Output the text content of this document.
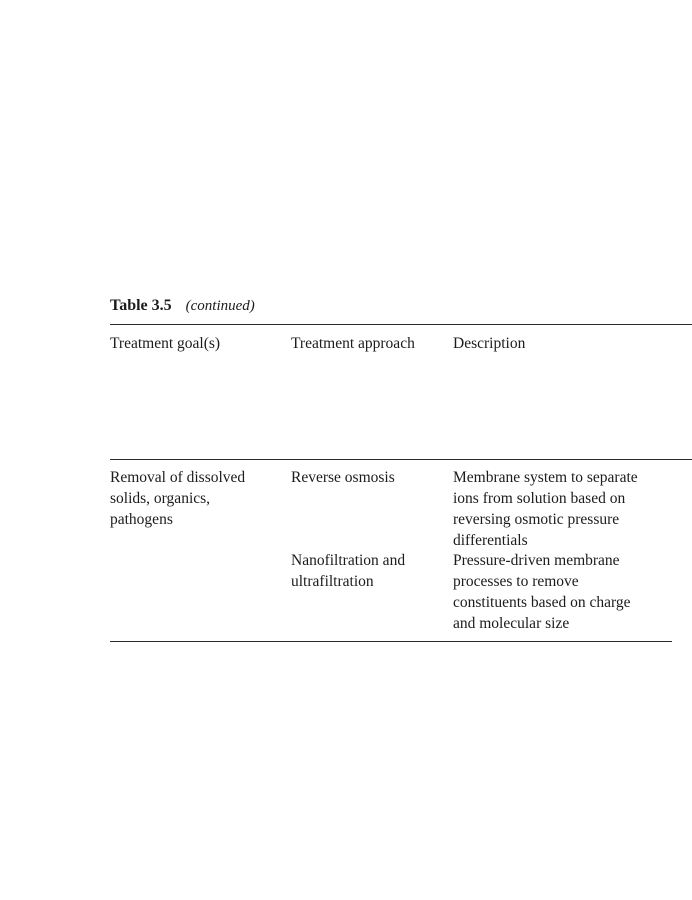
Table 3.5 (continued)
Treatment goal(s)	Treatment approach Description
Removal of dissolved
solids, organics,
pathogens
Reverse osmosis	Membrane system to separate
ions from solution based on
reversing osmotic pressure
differentials
Nanofiltration and
ultrafiltration
Pressure-driven membrane
processes to remove
constituents based on charge
and molecular size
